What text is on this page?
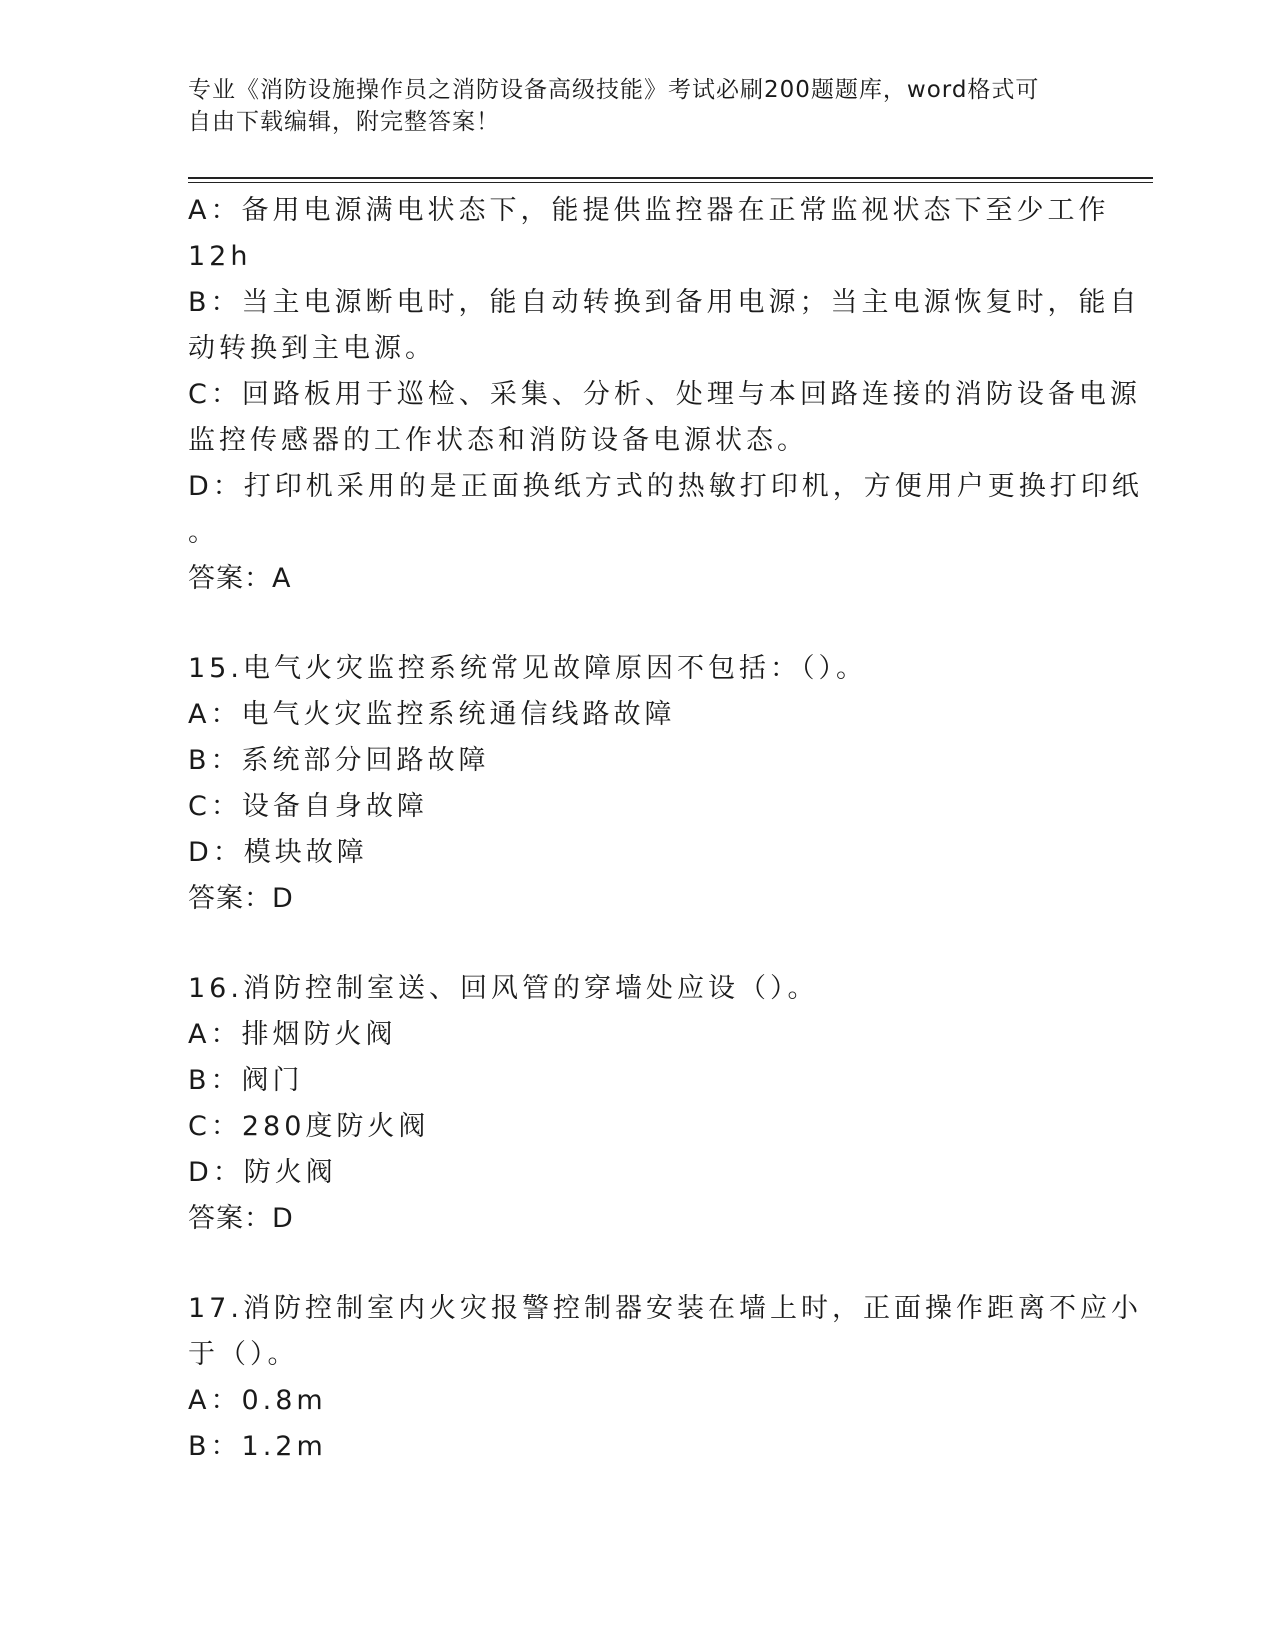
专业《消防设施操作员之消防设备高级技能》考试必刷200题题库，word格式可
自由下载编辑，附完整答案！
A：备用电源满电状态下，能提供监控器在正常监视状态下至少工作
12h
B：当主电源断电时，能自动转换到备用电源；当主电源恢复时，能自
动转换到主电源。
C：回路板用于巡检、采集、分析、处理与本回路连接的消防设备电源
监控传感器的工作状态和消防设备电源状态。
D：打印机采用的是正面换纸方式的热敏打印机，方便用户更换打印纸
。
答案：A
15.电气火灾监控系统常见故障原因不包括：（）。
A：电气火灾监控系统通信线路故障
B：系统部分回路故障
C：设备自身故障
D：模块故障
答案：D
16.消防控制室送、回风管的穿墙处应设（）。
A：排烟防火阀
B：阀门
C：280度防火阀
D：防火阀
答案：D
17.消防控制室内火灾报警控制器安装在墙上时，正面操作距离不应小
于（）。
A：0.8m
B：1.2m
